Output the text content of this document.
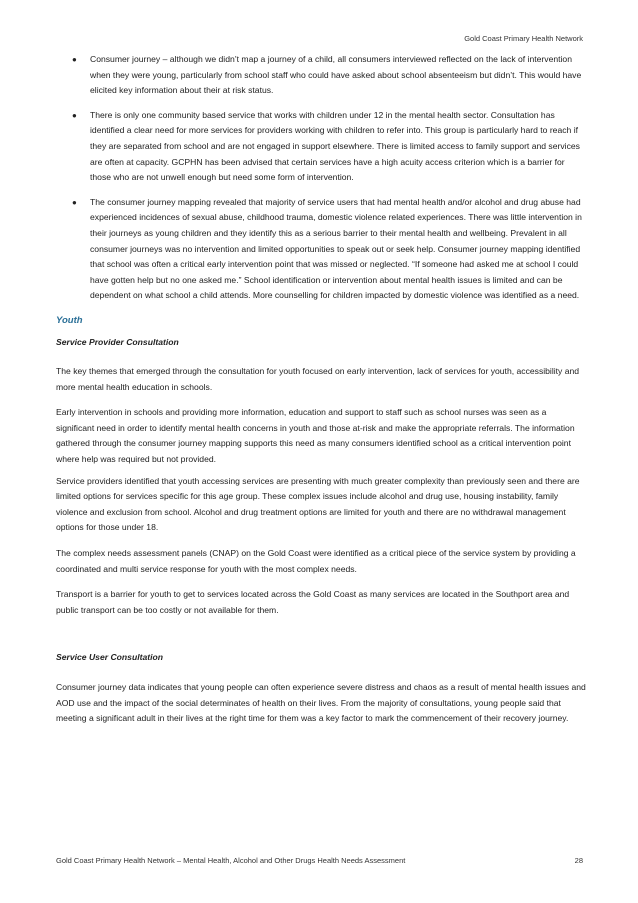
Gold Coast Primary Health Network
● Consumer journey – although we didn’t map a journey of a child, all consumers interviewed reflected on the lack of intervention when they were young, particularly from school staff who could have asked about school absenteeism but didn’t. This would have elicited key information about their at risk status.
● There is only one community based service that works with children under 12 in the mental health sector. Consultation has identified a clear need for more services for providers working with children to refer into. This group is particularly hard to reach if they are separated from school and are not engaged in support elsewhere. There is limited access to family support and services are often at capacity. GCPHN has been advised that certain services have a high acuity access criterion which is a barrier for those who are not unwell enough but need some form of intervention.
● The consumer journey mapping revealed that majority of service users that had mental health and/or alcohol and drug abuse had experienced incidences of sexual abuse, childhood trauma, domestic violence related experiences. There was little intervention in their journeys as young children and they identify this as a serious barrier to their mental health and wellbeing. Prevalent in all consumer journeys was no intervention and limited opportunities to speak out or seek help. Consumer journey mapping identified that school was often a critical early intervention point that was missed or neglected. “If someone had asked me at school I could have gotten help but no one asked me.” School identification or intervention about mental health issues is limited and can be dependent on what school a child attends. More counselling for children impacted by domestic violence was identified as a need.
Youth
Service Provider Consultation

The key themes that emerged through the consultation for youth focused on early intervention, lack of services for youth, accessibility and more mental health education in schools.

Early intervention in schools and providing more information, education and support to staff such as school nurses was seen as a significant need in order to identify mental health concerns in youth and those at-risk and make the appropriate referrals. The information gathered through the consumer journey mapping supports this need as many consumers identified school as a critical intervention point where help was required but not provided.

Service providers identified that youth accessing services are presenting with much greater complexity than previously seen and there are limited options for services specific for this age group. These complex issues include alcohol and drug use, housing instability, family violence and exclusion from school. Alcohol and drug treatment options are limited for youth and there are no withdrawal management options for those under 18.

The complex needs assessment panels (CNAP) on the Gold Coast were identified as a critical piece of the service system by providing a coordinated and multi service response for youth with the most complex needs.

Transport is a barrier for youth to get to services located across the Gold Coast as many services are located in the Southport area and public transport can be too costly or not available for them.

Service User Consultation

Consumer journey data indicates that young people can often experience severe distress and chaos as a result of mental health issues and AOD use and the impact of the social determinates of health on their lives. From the majority of consultations, young people said that meeting a significant adult in their lives at the right time for them was a key factor to mark the commencement of their recovery journey.

Gold Coast Primary Health Network – Mental Health, Alcohol and Other Drugs Health Needs Assessment	28
